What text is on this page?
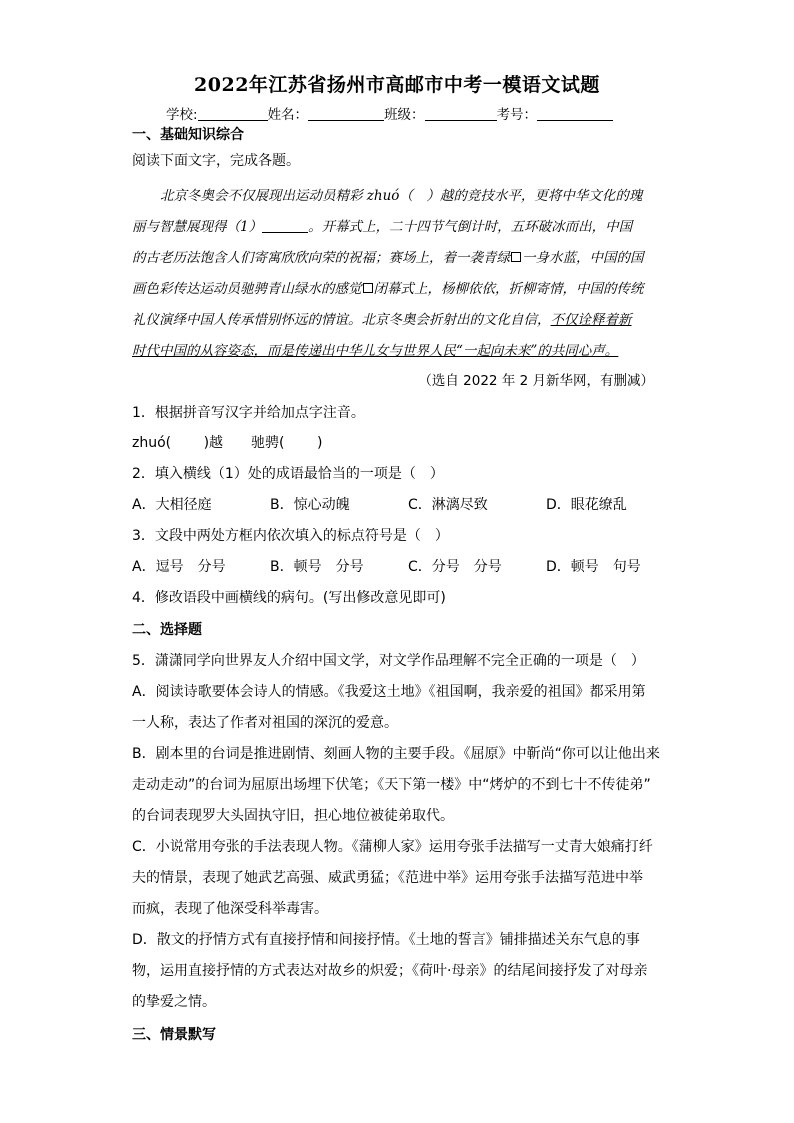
2022年江苏省扬州市高邮市中考一模语文试题
学校:	姓名：	班级：	考号：
一、基础知识综合
阅读下面文字，完成各题。
北京冬奥会不仅展现出运动员精彩 zhuó（　）越的竞技水平，更将中华文化的瑰
丽与智慧展现得（1）	。开幕式上，二十四节气倒计时，五环破冰而出，中国
的古老历法饱含人们寄寓欣欣向荣的祝福；赛场上，着一袭青绿 一身水蓝，中国的国
画色彩传达运动员驰骋青山绿水的感觉 闭幕式上，杨柳依依，折柳寄情，中国的传统
礼仪演绎中国人传承惜别怀远的情谊。北京冬奥会折射出的文化自信，不仅诠释着新
时代中国的从容姿态，而是传递出中华儿女与世界人民“一起向未来”的共同心声。
（选自 2022 年 2 月新华网，有删减）
1．根据拼音写汉字并给加点字注音。
zhuó(　　 )越　　驰骋(　　 )
2．填入横线（1）处的成语最恰当的一项是（　）
A．大相径庭	B．惊心动魄	C．淋漓尽致	D．眼花缭乱
3．文段中两处方框内依次填入的标点符号是（　）
A．逗号　分号	B．顿号　分号	C．分号　分号	D．顿号　句号
4．修改语段中画横线的病句。(写出修改意见即可)
二、选择题
5．潇潇同学向世界友人介绍中国文学，对文学作品理解不完全正确的一项是（　）
A．阅读诗歌要体会诗人的情感。《我爱这土地》《祖国啊，我亲爱的祖国》都采用第
一人称，表达了作者对祖国的深沉的爱意。
B．剧本里的台词是推进剧情、刻画人物的主要手段。《屈原》中靳尚“你可以让他出来
走动走动”的台词为屈原出场埋下伏笔；《天下第一楼》中“烤炉的不到七十不传徒弟”
的台词表现罗大头固执守旧，担心地位被徒弟取代。
C．小说常用夸张的手法表现人物。《蒲柳人家》运用夸张手法描写一丈青大娘痛打纤
夫的情景，表现了她武艺高强、威武勇猛；《范进中举》运用夸张手法描写范进中举
而疯，表现了他深受科举毒害。
D．散文的抒情方式有直接抒情和间接抒情。《土地的誓言》铺排描述关东气息的事
物，运用直接抒情的方式表达对故乡的炽爱；《荷叶·母亲》的结尾间接抒发了对母亲
的挚爱之情。
三、情景默写
